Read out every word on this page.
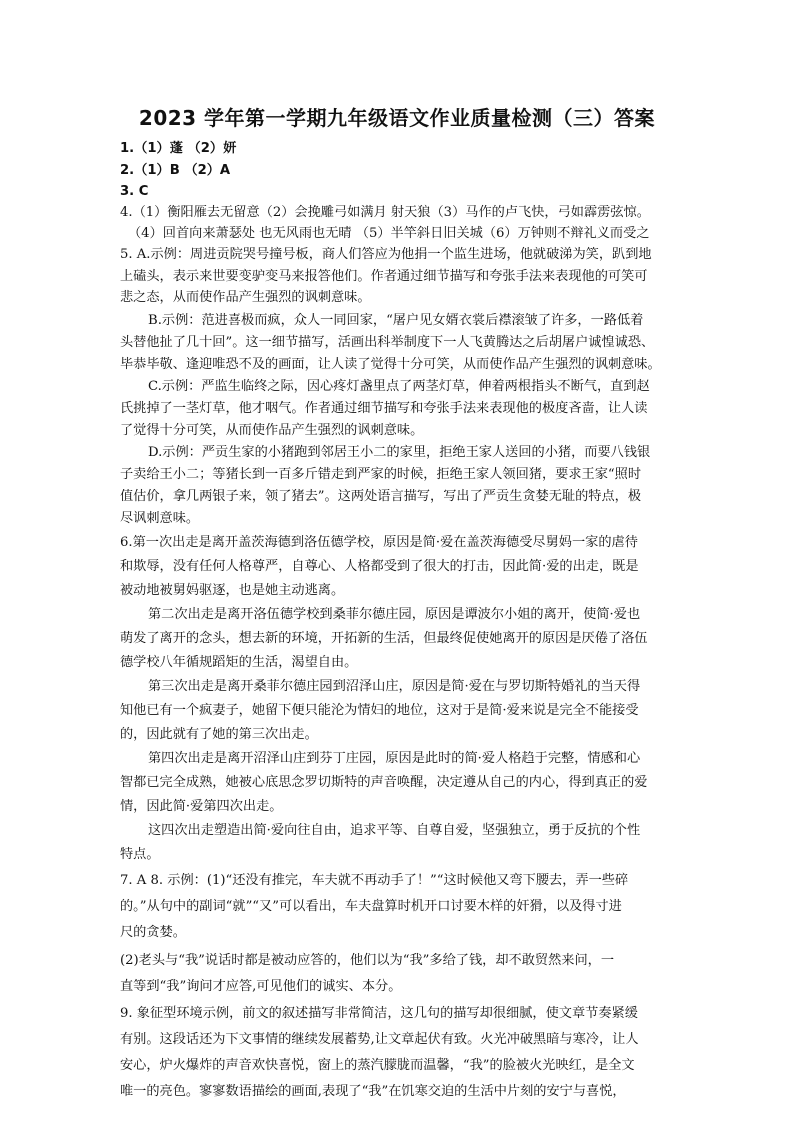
2023 学年第一学期九年级语文作业质量检测（三）答案
1.（1）蓬 （2）妍
2.（1）B （2）A
3. C
4.（1）衡阳雁去无留意（2）会挽雕弓如满月 射天狼（3）马作的卢飞快，弓如霹雳弦惊。
（4）回首向来萧瑟处 也无风雨也无晴 （5）半竿斜日旧关城（6）万钟则不辩礼义而受之
5. A.示例：周进贡院哭号撞号板，商人们答应为他捐一个监生进场，他就破涕为笑，趴到地
上磕头，表示来世要变驴变马来报答他们。作者通过细节描写和夸张手法来表现他的可笑可
悲之态，从而使作品产生强烈的讽刺意味。
B.示例：范进喜极而疯，众人一同回家，“屠户见女婿衣裳后襟滚皱了许多，一路低着
头替他扯了几十回”。这一细节描写，活画出科举制度下一人飞黄腾达之后胡屠户诚惶诚恐、
毕恭毕敬、逢迎唯恐不及的画面，让人读了觉得十分可笑，从而使作品产生强烈的讽刺意味。
C.示例：严监生临终之际，因心疼灯盏里点了两茎灯草，伸着两根指头不断气，直到赵
氏挑掉了一茎灯草，他才咽气。作者通过细节描写和夸张手法来表现他的极度吝啬，让人读
了觉得十分可笑，从而使作品产生强烈的讽刺意味。
D.示例：严贡生家的小猪跑到邻居王小二的家里，拒绝王家人送回的小猪，而要八钱银
子卖给王小二；等猪长到一百多斤错走到严家的时候，拒绝王家人领回猪，要求王家“照时
值估价，拿几两银子来，领了猪去”。这两处语言描写，写出了严贡生贪婪无耻的特点，极
尽讽刺意味。
6.第一次出走是离开盖茨海德到洛伍德学校，原因是简·爱在盖茨海德受尽舅妈一家的虐待
和欺辱，没有任何人格尊严，自尊心、人格都受到了很大的打击，因此简·爱的出走，既是
被动地被舅妈驱逐，也是她主动逃离。
第二次出走是离开洛伍德学校到桑菲尔德庄园，原因是谭波尔小姐的离开，使简·爱也
萌发了离开的念头，想去新的环境，开拓新的生活，但最终促使她离开的原因是厌倦了洛伍
德学校八年循规蹈矩的生活，渴望自由。
第三次出走是离开桑菲尔德庄园到沼泽山庄，原因是简·爱在与罗切斯特婚礼的当天得
知他已有一个疯妻子，她留下便只能沦为情妇的地位，这对于是简·爱来说是完全不能接受
的，因此就有了她的第三次出走。
第四次出走是离开沼泽山庄到芬丁庄园，原因是此时的简·爱人格趋于完整，情感和心
智都已完全成熟，她被心底思念罗切斯特的声音唤醒，决定遵从自己的内心，得到真正的爱
情，因此简·爱第四次出走。
这四次出走塑造出简·爱向往自由，追求平等、自尊自爱，坚强独立，勇于反抗的个性
特点。
7. A 8. 示例：(1)“还没有推完，车夫就不再动手了！”“这时候他又弯下腰去，弄一些碎
的。”从句中的副词“就”“又”可以看出，车夫盘算时机开口讨要木样的奸猾，以及得寸进
尺的贪婪。
(2)老头与“我”说话时都是被动应答的，他们以为“我”多给了钱，却不敢贸然来问，一
直等到“我”询问才应答,可见他们的诚实、本分。
9. 象征型环境示例，前文的叙述描写非常简洁，这几句的描写却很细腻，使文章节奏紧缓
有别。这段话还为下文事情的继续发展蓄势,让文章起伏有致。火光冲破黑暗与寒冷，让人
安心，炉火爆炸的声音欢快喜悦，窗上的蒸汽朦胧而温馨，“我”的脸被火光映红，是全文
唯一的亮色。寥寥数语描绘的画面,表现了“我”在饥寒交迫的生活中片刻的安宁与喜悦，
